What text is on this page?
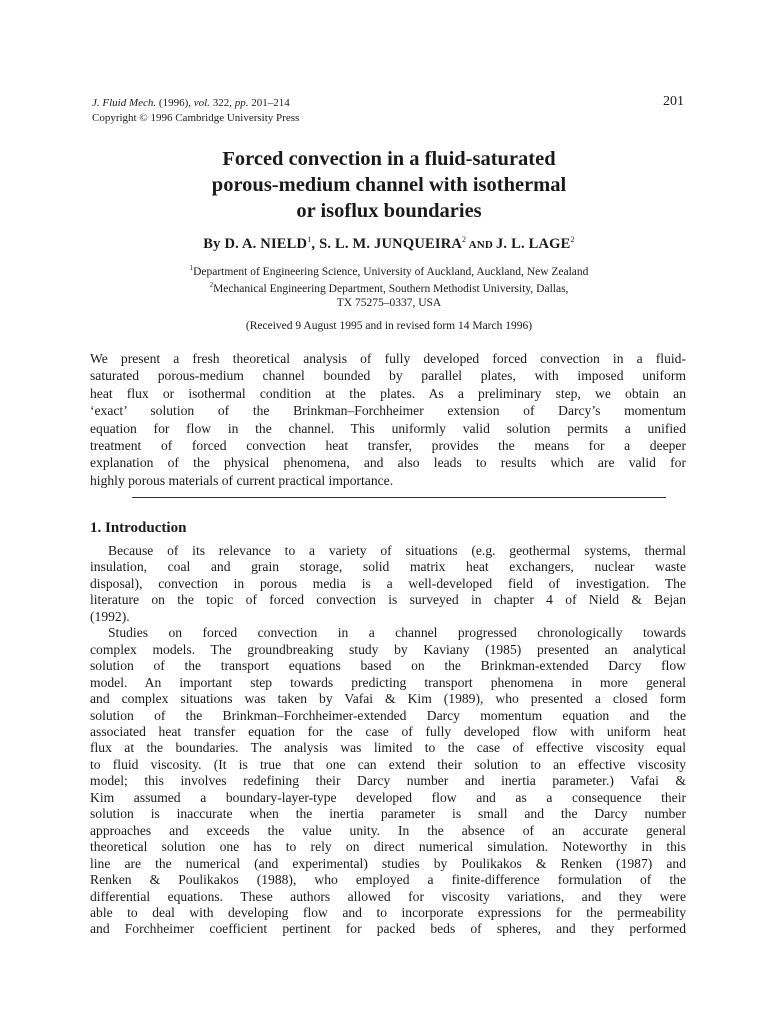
J. Fluid Mech. (1996), vol. 322, pp. 201–214
Copyright © 1996 Cambridge University Press
201
Forced convection in a fluid-saturated
porous-medium channel with isothermal
or isoflux boundaries
By D. A. NIELD$^1$, S. L. M. JUNQUEIRA$^2$ AND J. L. LAGE$^2$
$^1$Department of Engineering Science, University of Auckland, Auckland, New Zealand
$^2$Mechanical Engineering Department, Southern Methodist University, Dallas,
TX 75275–0337, USA
(Received 9 August 1995 and in revised form 14 March 1996)
We present a fresh theoretical analysis of fully developed forced convection in a fluid-
saturated porous-medium channel bounded by parallel plates, with imposed uniform
heat flux or isothermal condition at the plates. As a preliminary step, we obtain an
‘exact’ solution of the Brinkman–Forchheimer extension of Darcy’s momentum
equation for flow in the channel. This uniformly valid solution permits a unified
treatment of forced convection heat transfer, provides the means for a deeper
explanation of the physical phenomena, and also leads to results which are valid for
highly porous materials of current practical importance.
1. Introduction
Because of its relevance to a variety of situations (e.g. geothermal systems, thermal
insulation, coal and grain storage, solid matrix heat exchangers, nuclear waste
disposal), convection in porous media is a well-developed field of investigation. The
literature on the topic of forced convection is surveyed in chapter 4 of Nield & Bejan
(1992).
Studies on forced convection in a channel progressed chronologically towards
complex models. The groundbreaking study by Kaviany (1985) presented an analytical
solution of the transport equations based on the Brinkman-extended Darcy flow
model. An important step towards predicting transport phenomena in more general
and complex situations was taken by Vafai & Kim (1989), who presented a closed form
solution of the Brinkman–Forchheimer-extended Darcy momentum equation and the
associated heat transfer equation for the case of fully developed flow with uniform heat
flux at the boundaries. The analysis was limited to the case of effective viscosity equal
to fluid viscosity. (It is true that one can extend their solution to an effective viscosity
model; this involves redefining their Darcy number and inertia parameter.) Vafai &
Kim assumed a boundary-layer-type developed flow and as a consequence their
solution is inaccurate when the inertia parameter is small and the Darcy number
approaches and exceeds the value unity. In the absence of an accurate general
theoretical solution one has to rely on direct numerical simulation. Noteworthy in this
line are the numerical (and experimental) studies by Poulikakos & Renken (1987) and
Renken & Poulikakos (1988), who employed a finite-difference formulation of the
differential equations. These authors allowed for viscosity variations, and they were
able to deal with developing flow and to incorporate expressions for the permeability
and Forchheimer coefficient pertinent for packed beds of spheres, and they performed
